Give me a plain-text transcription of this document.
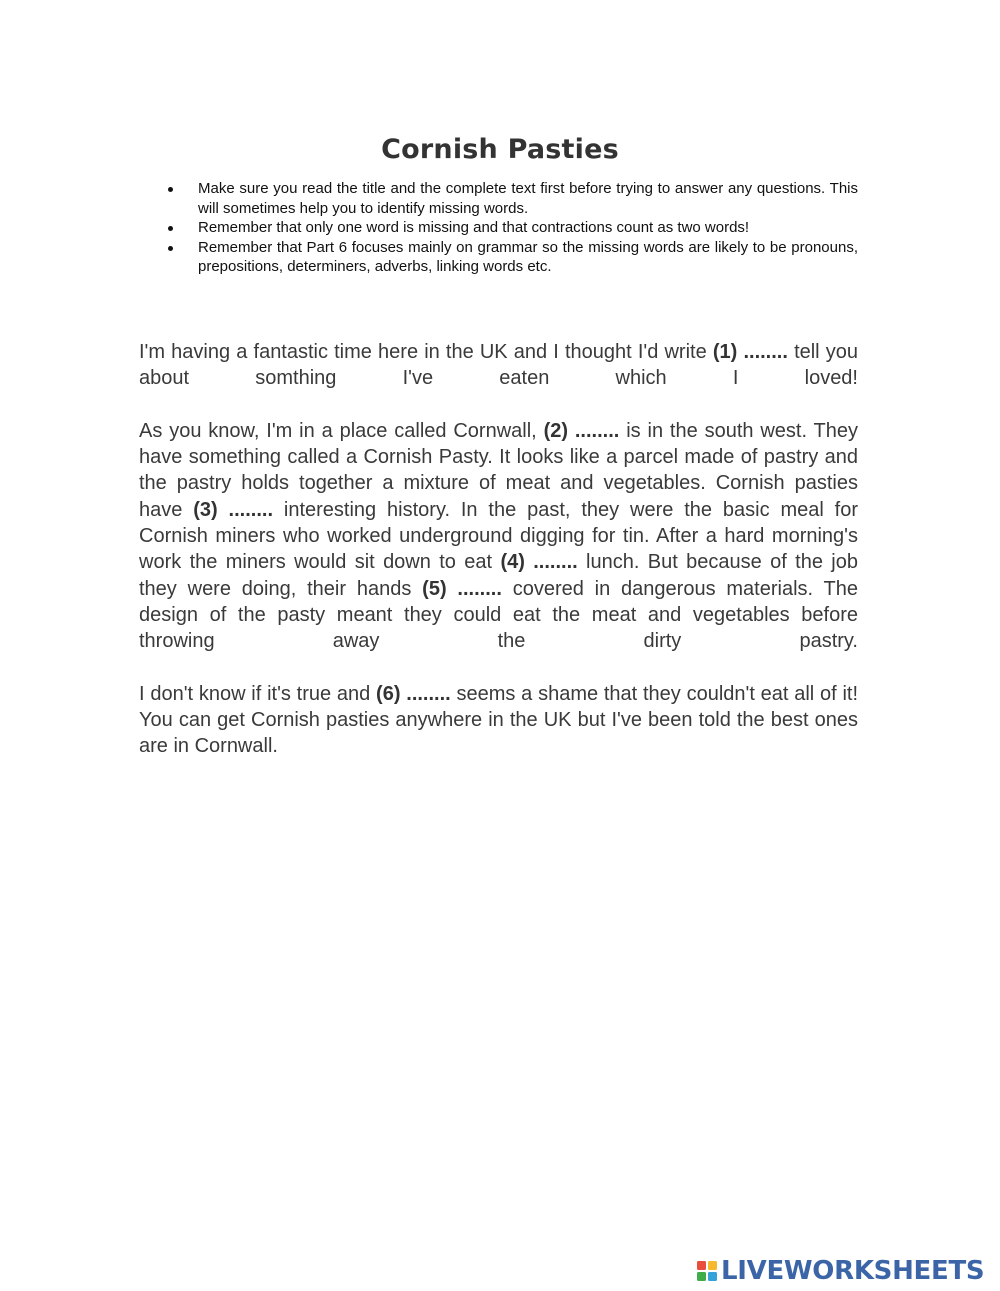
Cornish Pasties
Make sure you read the title and the complete text first before trying to answer any questions. This will sometimes help you to identify missing words.
Remember that only one word is missing and that contractions count as two words!
Remember that Part 6 focuses mainly on grammar so the missing words are likely to be pronouns, prepositions, determiners, adverbs, linking words etc.

I'm having a fantastic time here in the UK and I thought I'd write (1) ........ tell you about somthing I've eaten which I loved!

As you know, I'm in a place called Cornwall, (2) ........ is in the south west. They have something called a Cornish Pasty. It looks like a parcel made of pastry and the pastry holds together a mixture of meat and vegetables. Cornish pasties have (3) ........ interesting history. In the past, they were the basic meal for Cornish miners who worked underground digging for tin. After a hard morning's work the miners would sit down to eat (4) ........ lunch. But because of the job they were doing, their hands (5) ........ covered in dangerous materials. The design of the pasty meant they could eat the meat and vegetables before throwing away the dirty pastry.

I don't know if it's true and (6) ........ seems a shame that they couldn't eat all of it! You can get Cornish pasties anywhere in the UK but I've been told the best ones are in Cornwall.

LIVEWORKSHEETS
